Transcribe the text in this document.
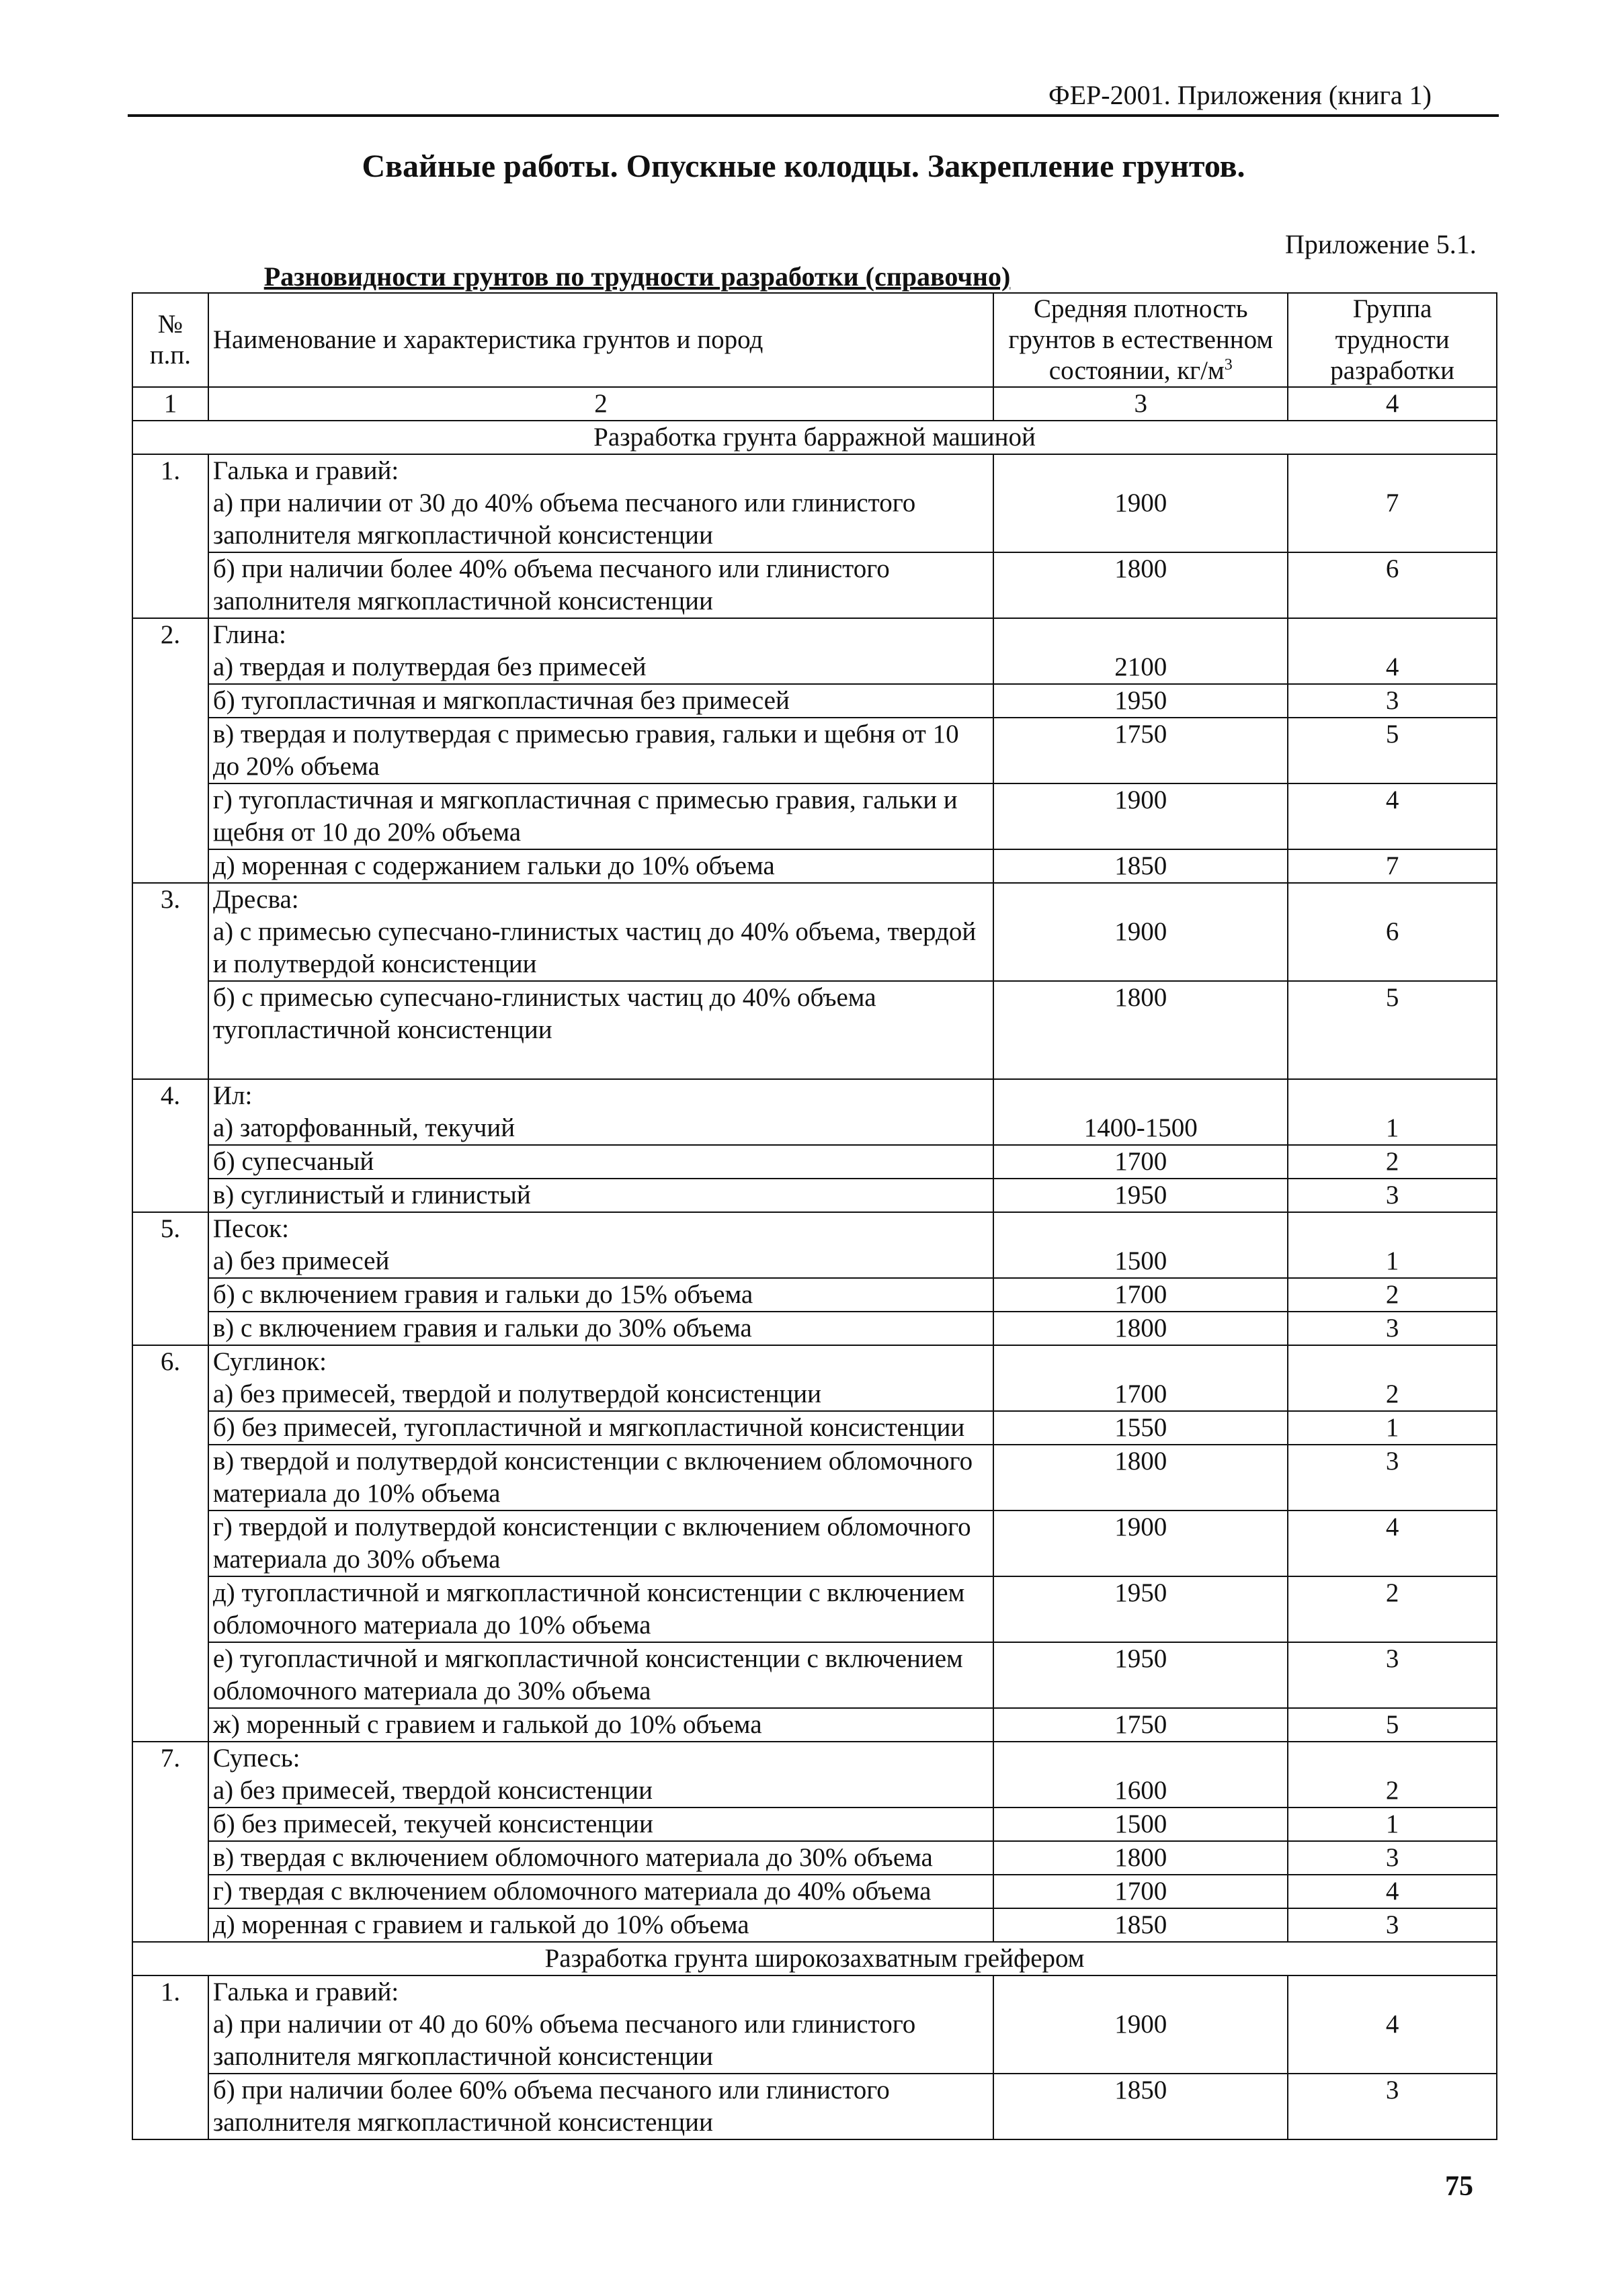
ФЕР-2001. Приложения (книга 1)
Свайные работы. Опускные колодцы. Закрепление грунтов.
Приложение 5.1.
Разновидности грунтов по трудности разработки (справочно)
№ п.п.	Наименование и характеристика грунтов и пород	Средняя плотность грунтов в естественном состоянии, $кг/м^3$	Группа трудности разработки
1	2	3	4
Разработка грунта барражной машиной			
1.	Галька и гравий:		
	а) при наличии от 30 до 40% объема песчаного или глинистого заполнителя мягкопластичной консистенции	1900	7
	б) при наличии более 40% объема песчаного или глинистого заполнителя мягкопластичной консистенции	1800	6
2.	Глина:		
	а) твердая и полутвердая без примесей	2100	4
	б) тугопластичная и мягкопластичная без примесей	1950	3
	в) твердая и полутвердая с примесью гравия, гальки и щебня от 10 до 20% объема	1750	5
	г) тугопластичная и мягкопластичная с примесью гравия, гальки и щебня от 10 до 20% объема	1900	4
	д) моренная с содержанием гальки до 10% объема	1850	7
3.	Дресва:		
	а) с примесью супесчано-глинистых частиц до 40% объема, твердой и полутвердой консистенции	1900	6
	б) с примесью супесчано-глинистых частиц до 40% объема тугопластичной консистенции	1800	5
4.	Ил:		
	а) заторфованный, текучий	1400-1500	1
	б) супесчаный	1700	2
	в) суглинистый и глинистый	1950	3
5.	Песок:		
	а) без примесей	1500	1
	б) с включением гравия и гальки до 15% объема	1700	2
	в) с включением гравия и гальки до 30% объема	1800	3
6.	Суглинок:		
	а) без примесей, твердой и полутвердой консистенции	1700	2
	б) без примесей, тугопластичной и мягкопластичной консистенции	1550	1
	в) твердой и полутвердой консистенции с включением обломочного материала до 10% объема	1800	3
	г) твердой и полутвердой консистенции с включением обломочного материала до 30% объема	1900	4
	д) тугопластичной и мягкопластичной консистенции с включением обломочного материала до 10% объема	1950	2
	е) тугопластичной и мягкопластичной консистенции с включением обломочного материала до 30% объема	1950	3
	ж) моренный с гравием и галькой до 10% объема	1750	5
7.	Супесь:		
	а) без примесей, твердой консистенции	1600	2
	б) без примесей, текучей консистенции	1500	1
	в) твердая с включением обломочного материала до 30% объема	1800	3
	г) твердая с включением обломочного материала до 40% объема	1700	4
	д) моренная с гравием и галькой до 10% объема	1850	3
Разработка грунта широкозахватным грейфером			
1.	Галька и гравий:		
	а) при наличии от 40 до 60% объема песчаного или глинистого заполнителя мягкопластичной консистенции	1900	4
	б) при наличии более 60% объема песчаного или глинистого заполнителя мягкопластичной консистенции	1850	3
75
